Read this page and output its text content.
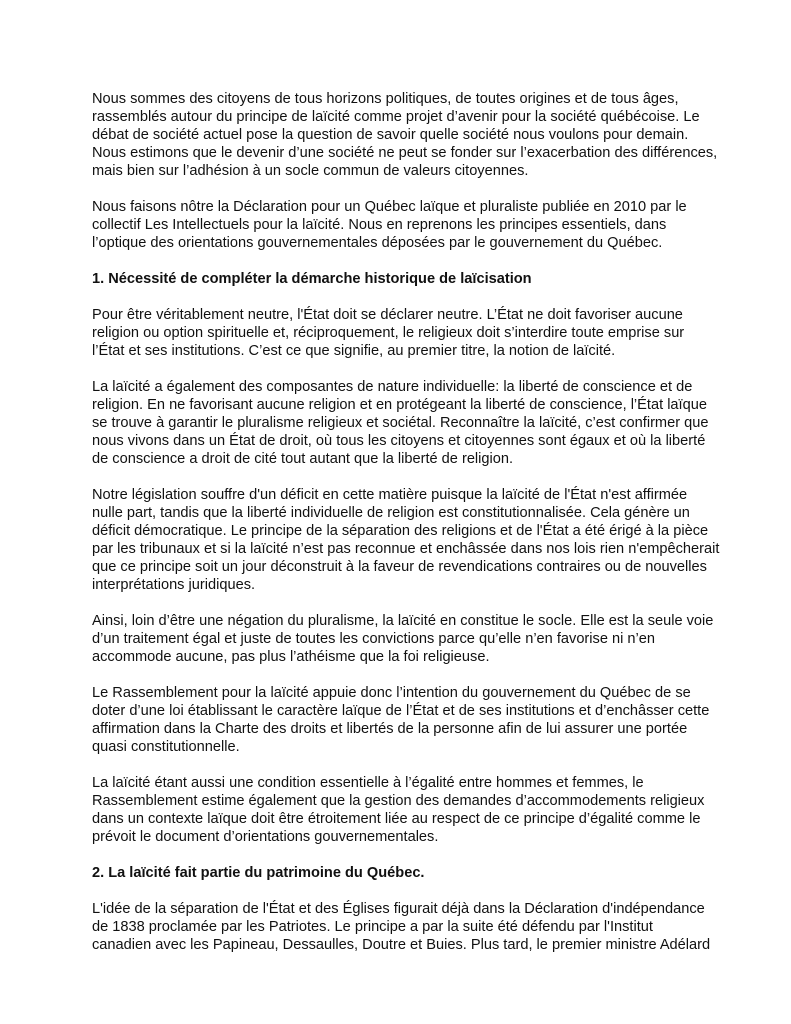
Nous sommes des citoyens de tous horizons politiques, de toutes origines et de tous âges,
rassemblés autour du principe de laïcité comme projet d’avenir pour la société québécoise. Le
débat de société actuel pose la question de savoir quelle société nous voulons pour demain.
Nous estimons que le devenir d’une société ne peut se fonder sur l’exacerbation des différences,
mais bien sur l’adhésion à un socle commun de valeurs citoyennes.
Nous faisons nôtre la Déclaration pour un Québec laïque et pluraliste publiée en 2010 par le
collectif Les Intellectuels pour la laïcité. Nous en reprenons les principes essentiels, dans
l’optique des orientations gouvernementales déposées par le gouvernement du Québec.
1. Nécessité de compléter la démarche historique de laïcisation
Pour être véritablement neutre, l'État doit se déclarer neutre. L’État ne doit favoriser aucune
religion ou option spirituelle et, réciproquement, le religieux doit s’interdire toute emprise sur
l’État et ses institutions. C’est ce que signifie, au premier titre, la notion de laïcité.
La laïcité a également des composantes de nature individuelle: la liberté de conscience et de
religion. En ne favorisant aucune religion et en protégeant la liberté de conscience, l’État laïque
se trouve à garantir le pluralisme religieux et sociétal. Reconnaître la laïcité, c’est confirmer que
nous vivons dans un État de droit, où tous les citoyens et citoyennes sont égaux et où la liberté
de conscience a droit de cité tout autant que la liberté de religion.
Notre législation souffre d'un déficit en cette matière puisque la laïcité de l'État n'est affirmée
nulle part, tandis que la liberté individuelle de religion est constitutionnalisée. Cela génère un
déficit démocratique. Le principe de la séparation des religions et de l'État a été érigé à la pièce
par les tribunaux et si la laïcité n’est pas reconnue et enchâssée dans nos lois rien n'empêcherait
que ce principe soit un jour déconstruit à la faveur de revendications contraires ou de nouvelles
interprétations juridiques.
Ainsi, loin d’être une négation du pluralisme, la laïcité en constitue le socle. Elle est la seule voie
d’un traitement égal et juste de toutes les convictions parce qu’elle n’en favorise ni n’en
accommode aucune, pas plus l’athéisme que la foi religieuse.
Le Rassemblement pour la laïcité appuie donc l’intention du gouvernement du Québec de se
doter d’une loi établissant le caractère laïque de l’État et de ses institutions et d’enchâsser cette
affirmation dans la Charte des droits et libertés de la personne afin de lui assurer une portée
quasi constitutionnelle.
La laïcité étant aussi une condition essentielle à l’égalité entre hommes et femmes, le
Rassemblement estime également que la gestion des demandes d’accommodements religieux
dans un contexte laïque doit être étroitement liée au respect de ce principe d’égalité comme le
prévoit le document d’orientations gouvernementales.
2. La laïcité fait partie du patrimoine du Québec.
L'idée de la séparation de l'État et des Églises figurait déjà dans la Déclaration d'indépendance
de 1838 proclamée par les Patriotes. Le principe a par la suite été défendu par l'Institut
canadien avec les Papineau, Dessaulles, Doutre et Buies. Plus tard, le premier ministre Adélard
